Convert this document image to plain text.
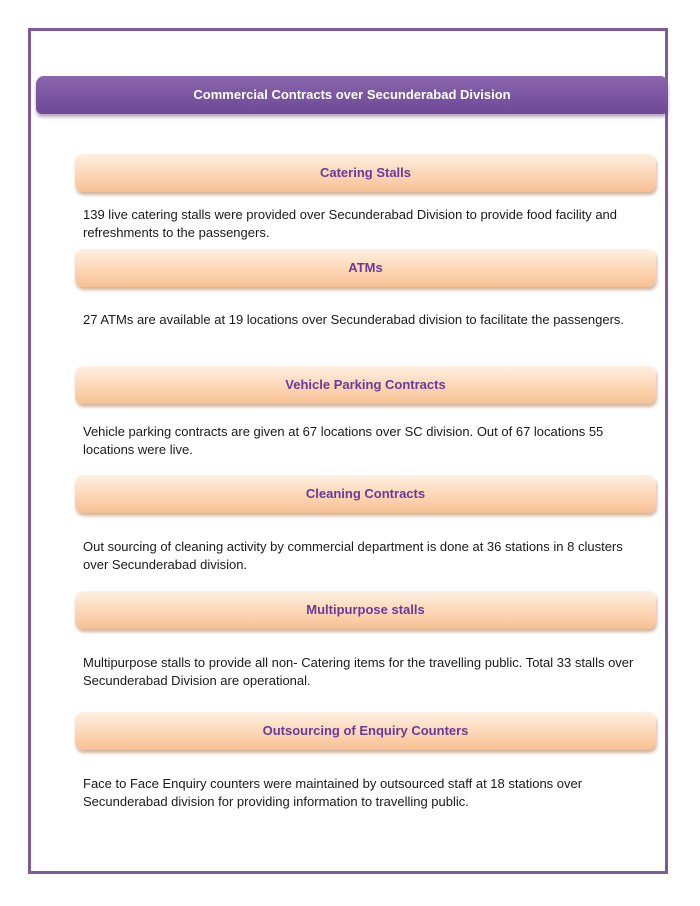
Commercial Contracts over Secunderabad Division
Catering Stalls
139 live catering stalls were provided over Secunderabad Division to provide food facility and refreshments to the passengers.
ATMs
27 ATMs are available at 19 locations over Secunderabad division to facilitate the passengers.
Vehicle Parking Contracts
Vehicle parking contracts are given at 67 locations over SC division. Out of 67 locations 55 locations were live.
Cleaning Contracts
Out sourcing of cleaning activity by commercial department is done at 36 stations in 8 clusters over Secunderabad division.
Multipurpose stalls
Multipurpose stalls to provide all non- Catering items for the travelling public. Total 33 stalls over Secunderabad Division are operational.
Outsourcing of Enquiry Counters
Face to Face Enquiry counters were maintained by outsourced staff at 18 stations over Secunderabad division for providing information to travelling public.
